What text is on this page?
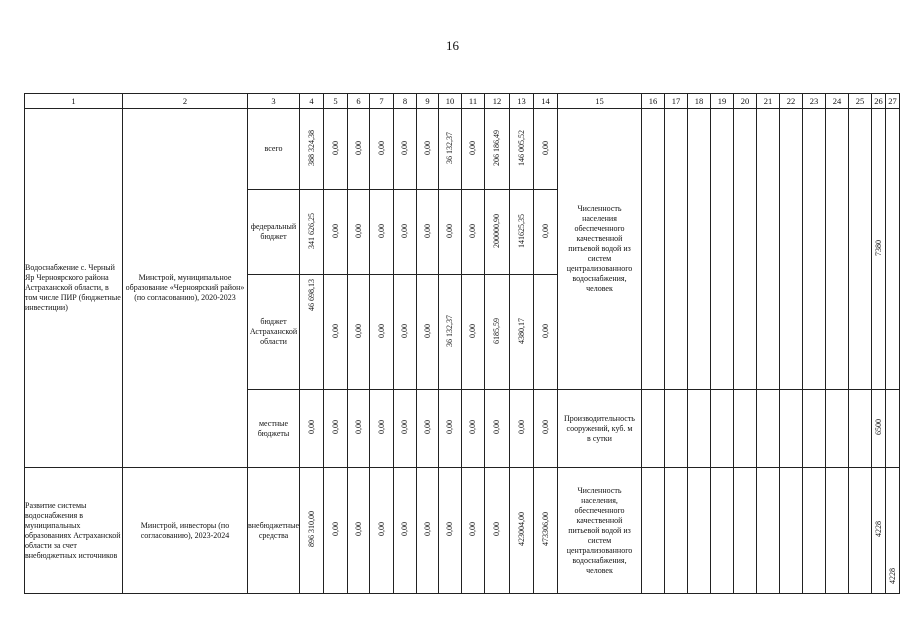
16
1	2	3	4	5	6	7	8	9	10	11	12	13	14	15	16	17	18	19	20	21	22	23	24	25	26	27
Водоснабжение с. Черный Яр Черноярского района Астраханской области, в том числе ПИР (бюджетные инвестиции)	Минстрой, муниципальное образование «Черноярский район» (по согласованию), 2020-2023	всего	388 324,38	0,00	0,00	0,00	0,00	0,00	36 132,37	0,00	206 186,49	146 005,52	0,00	Численность населения обеспеченного качественной питьевой водой из систем централизованного водоснабжения, человек											7380	
		федеральный бюджет	341 626,25	0,00	0,00	0,00	0,00	0,00	0,00	0,00	200000,90	141625,35	0,00													
		бюджет Астраханской области	46 698,13	0,00	0,00	0,00	0,00	0,00	36 132,37	0,00	6185,59	4380,17	0,00													
		местные бюджеты	0,00	0,00	0,00	0,00	0,00	0,00	0,00	0,00	0,00	0,00	0,00	Производительность сооружений, куб. м в сутки											6500	
Развитие системы водоснабжения в муниципальных образованиях Астраханской области за счет внебюджетных источников	Минстрой, инвесторы (по согласованию), 2023-2024	внебюджетные средства	896 310,00	0,00	0,00	0,00	0,00	0,00	0,00	0,00	0,00	423004,00	473306,00	Численность населения, обеспеченного качественной питьевой водой из систем централизованного водоснабжения, человек											4228	4228
